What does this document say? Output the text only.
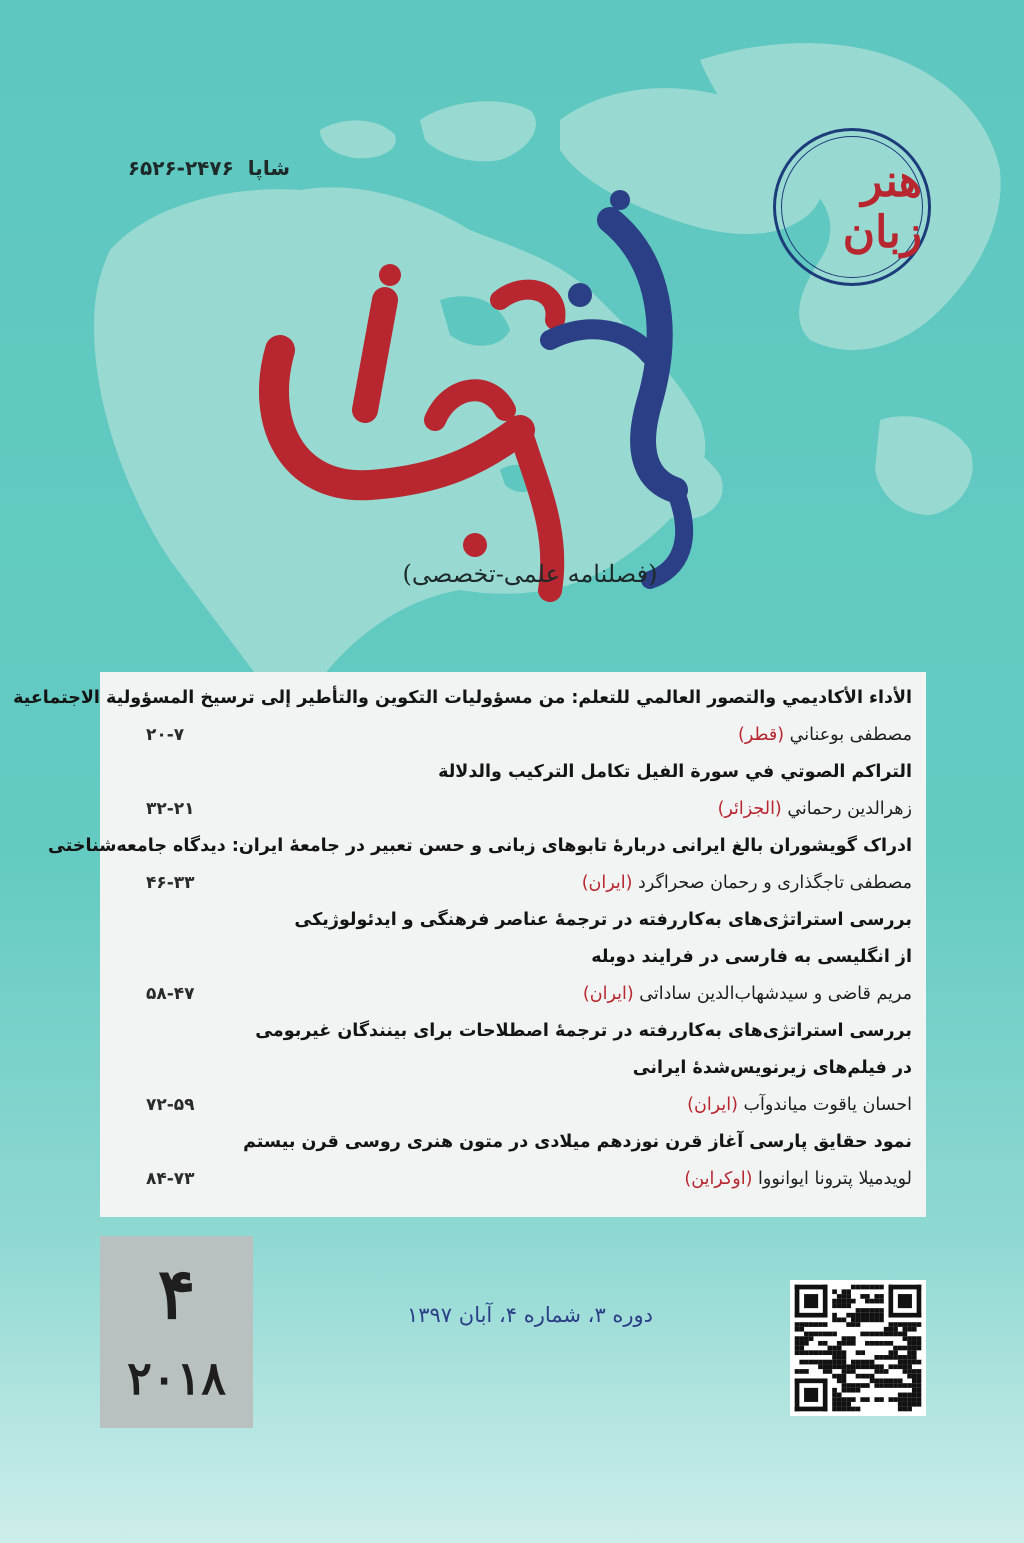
شاپا۲۴۷۶-۶۵۲۶	هنر زبان
(فصلنامه علمی-تخصصی)
الأداء الأكاديمي والتصور العالمي للتعلم: من مسؤوليات التكوين والتأطير إلى ترسيخ المسؤولية الاجتماعية
۲۰-۷	مصطفى بوعناني (قطر)
التراكم الصوتي في سورة الفيل تكامل التركيب والدلالة
۳۲-۲۱	زهرالدين رحماني (الجزائر)
ادراک گویشوران بالغ ایرانی دربارهٔ تابوهای زبانی و حسن تعبیر در جامعهٔ ایران: دیدگاه جامعه‌شناختی
۴۶-۳۳	مصطفی تاجگذاری و رحمان صحراگرد (ایران)
بررسی استراتژی‌های به‌کاررفته در ترجمهٔ عناصر فرهنگی و ایدئولوژیکی
از انگلیسی به فارسی در فرایند دوبله
۵۸-۴۷	مریم قاضی و سیدشهاب‌الدین ساداتی (ایران)
بررسی استراتژی‌های به‌کاررفته در ترجمهٔ اصطلاحات برای بینندگان غیربومی
در فیلم‌های زیرنویس‌شدهٔ ایرانی
۷۲-۵۹	احسان یاقوت میاندوآب (ایران)
نمود حقایق پارسی آغاز قرن نوزدهم میلادی در متون هنری روسی قرن بیستم
۸۴-۷۳	لویدمیلا پترونا ایوانووا (اوکراین)
۴
۲۰۱۸
دوره ۳، شماره ۴، آبان ۱۳۹۷
